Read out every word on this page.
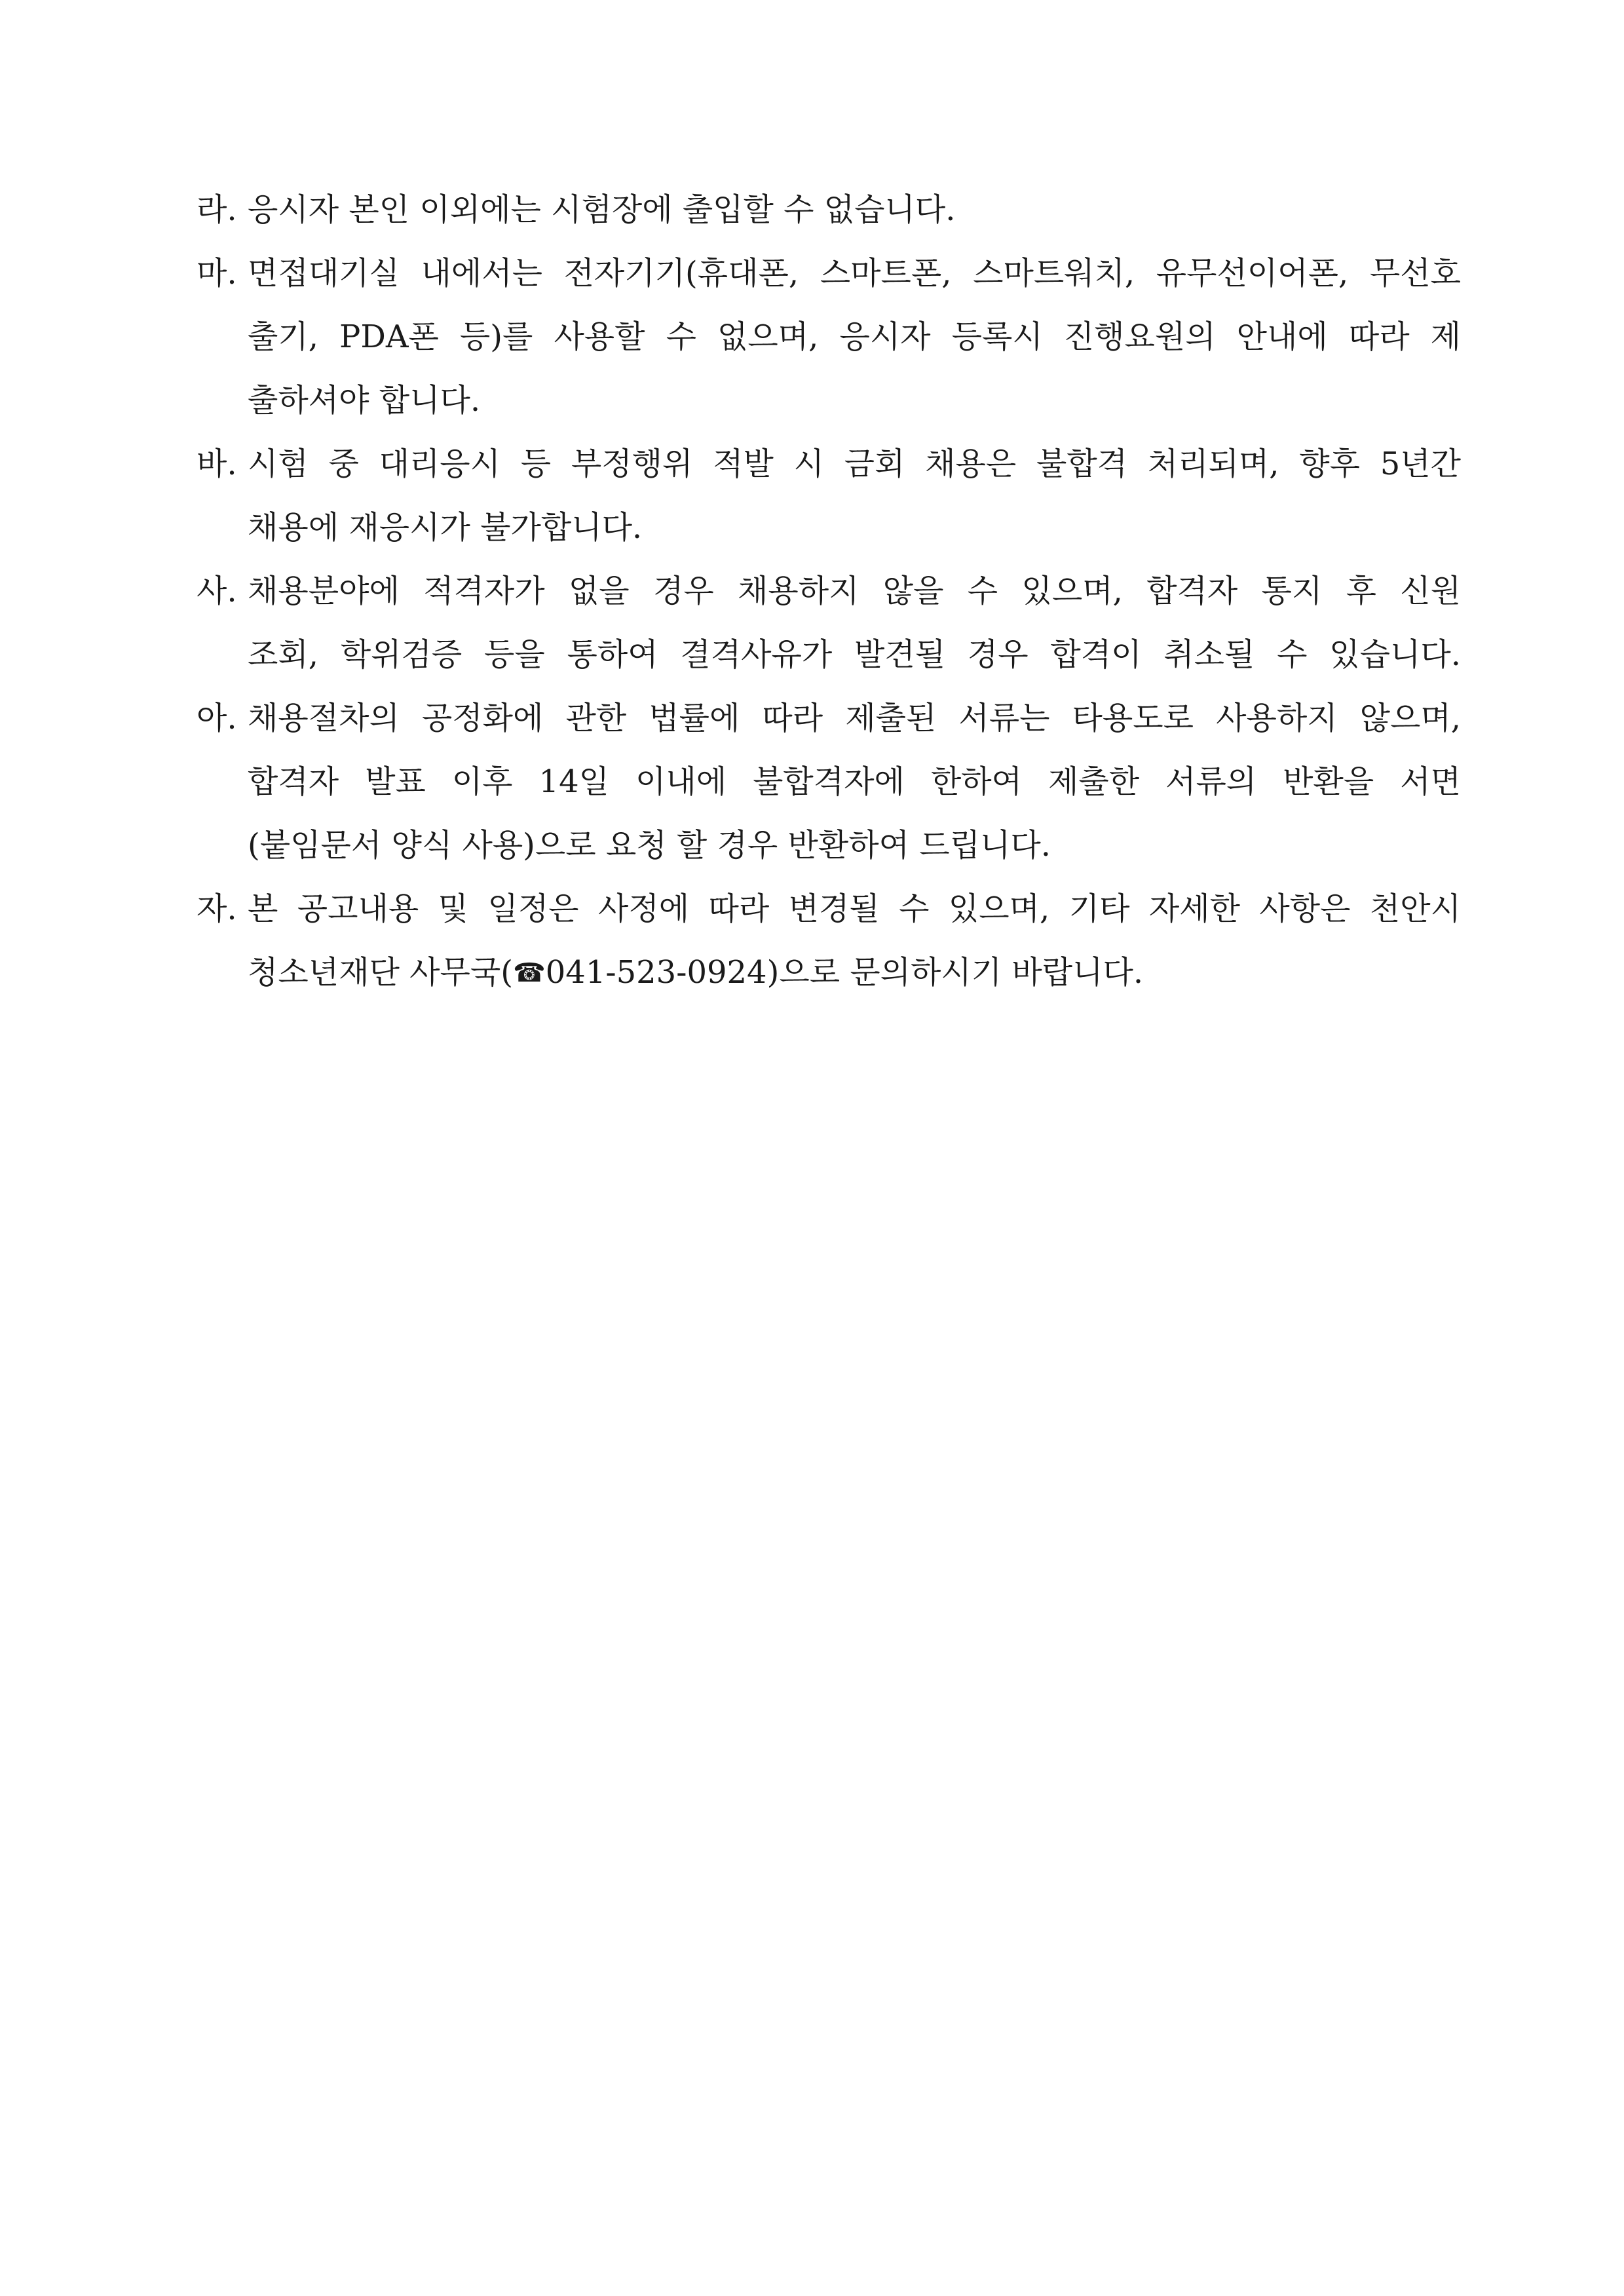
라. 응시자 본인 이외에는 시험장에 출입할 수 없습니다.
마. 면접대기실 내에서는 전자기기(휴대폰, 스마트폰, 스마트워치, 유무선이어폰, 무선호
출기, PDA폰 등)를 사용할 수 없으며, 응시자 등록시 진행요원의 안내에 따라 제
출하셔야 합니다.
바. 시험 중 대리응시 등 부정행위 적발 시 금회 채용은 불합격 처리되며, 향후 5년간
채용에 재응시가 불가합니다.
사. 채용분야에 적격자가 없을 경우 채용하지 않을 수 있으며, 합격자 통지 후 신원
조회, 학위검증 등을 통하여 결격사유가 발견될 경우 합격이 취소될 수 있습니다.
아. 채용절차의 공정화에 관한 법률에 따라 제출된 서류는 타용도로 사용하지 않으며,
합격자 발표 이후 14일 이내에 불합격자에 한하여 제출한 서류의 반환을 서면
(붙임문서 양식 사용)으로 요청 할 경우 반환하여 드립니다.
자. 본 공고내용 및 일정은 사정에 따라 변경될 수 있으며, 기타 자세한 사항은 천안시
청소년재단 사무국(☎041-523-0924)으로 문의하시기 바랍니다.
